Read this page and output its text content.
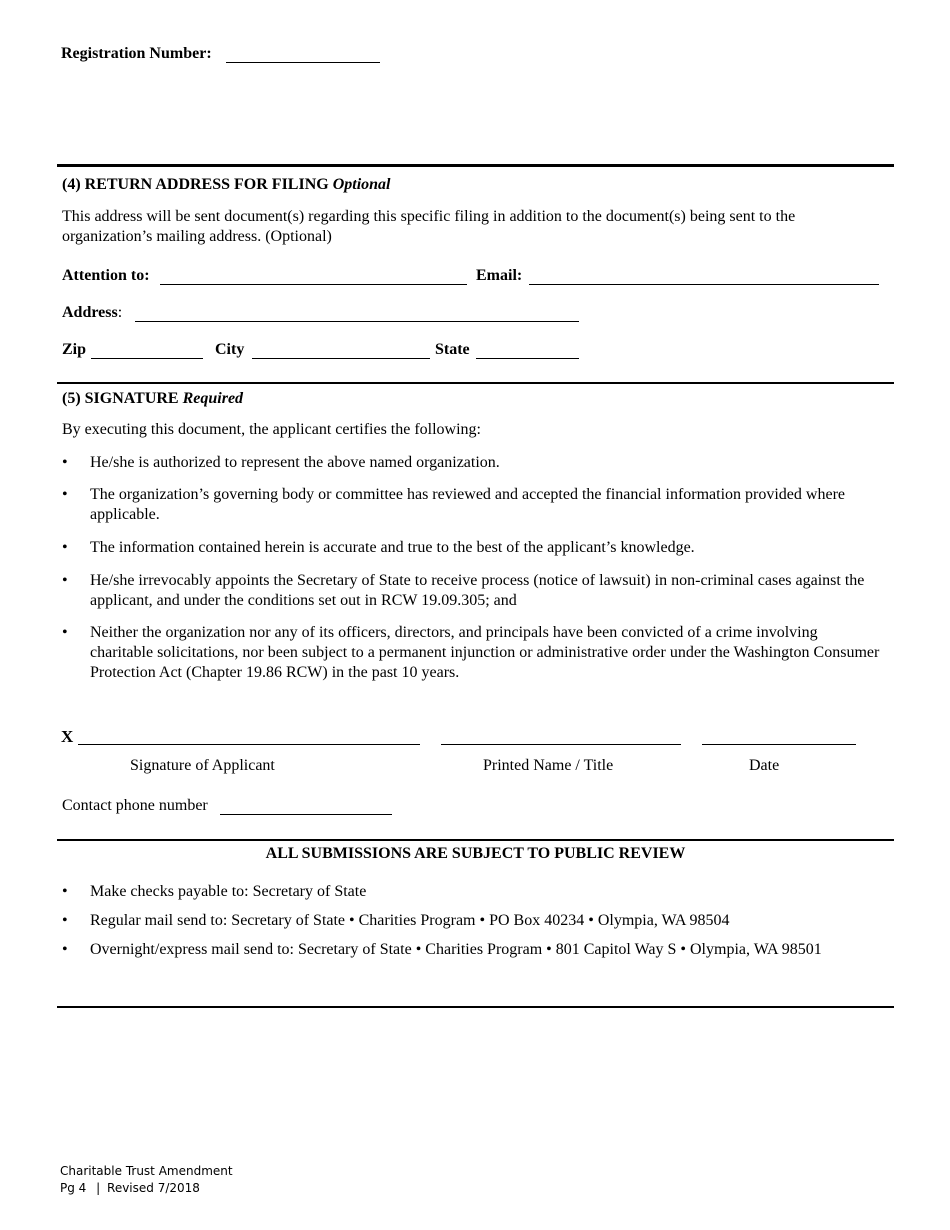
Registration Number:
(4) RETURN ADDRESS FOR FILING Optional
This address will be sent document(s) regarding this specific filing in addition to the document(s) being sent to the organization’s mailing address. (Optional)
Attention to:	Email:
Address:
Zip	City	State
(5) SIGNATURE Required
By executing this document, the applicant certifies the following:
•	He/she is authorized to represent the above named organization.
•	The organization’s governing body or committee has reviewed and accepted the financial information provided where applicable.
•	The information contained herein is accurate and true to the best of the applicant’s knowledge.
•	He/she irrevocably appoints the Secretary of State to receive process (notice of lawsuit) in non-criminal cases against the applicant, and under the conditions set out in RCW 19.09.305; and
•	Neither the organization nor any of its officers, directors, and principals have been convicted of a crime involving charitable solicitations, nor been subject to a permanent injunction or administrative order under the Washington Consumer Protection Act (Chapter 19.86 RCW) in the past 10 years.
X
Signature of Applicant	Printed Name / Title	Date
Contact phone number
ALL SUBMISSIONS ARE SUBJECT TO PUBLIC REVIEW
•	Make checks payable to: Secretary of State
•	Regular mail send to: Secretary of State • Charities Program • PO Box 40234 • Olympia, WA 98504
•	Overnight/express mail send to: Secretary of State • Charities Program • 801 Capitol Way S • Olympia, WA 98501
Charitable Trust Amendment
Pg 4 | Revised 7/2018
